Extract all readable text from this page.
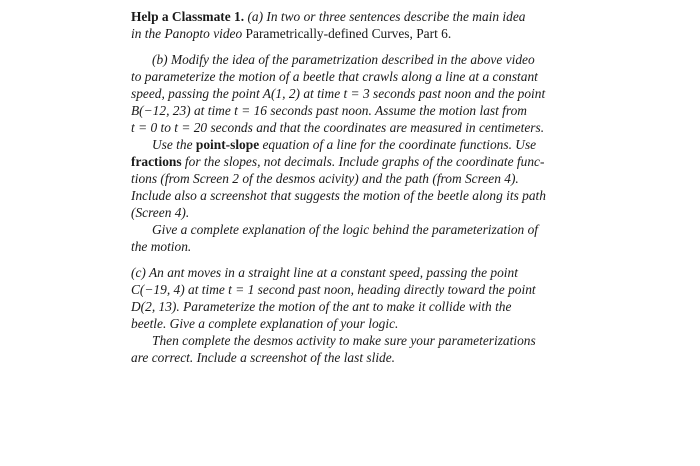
Help a Classmate 1. (a) In two or three sentences describe the main idea
in the Panopto video Parametrically-defined Curves, Part 6.
(b) Modify the idea of the parametrization described in the above video
to parameterize the motion of a beetle that crawls along a line at a constant
speed, passing the point A(1, 2) at time t = 3 seconds past noon and the point
B(−12, 23) at time t = 16 seconds past noon. Assume the motion last from
t = 0 to t = 20 seconds and that the coordinates are measured in centimeters.
Use the point-slope equation of a line for the coordinate functions. Use
fractions for the slopes, not decimals. Include graphs of the coordinate func-
tions (from Screen 2 of the desmos acivity) and the path (from Screen 4).
Include also a screenshot that suggests the motion of the beetle along its path
(Screen 4).
Give a complete explanation of the logic behind the parameterization of
the motion.
(c) An ant moves in a straight line at a constant speed, passing the point
C(−19, 4) at time t = 1 second past noon, heading directly toward the point
D(2, 13). Parameterize the motion of the ant to make it collide with the
beetle. Give a complete explanation of your logic.
Then complete the desmos activity to make sure your parameterizations
are correct. Include a screenshot of the last slide.
